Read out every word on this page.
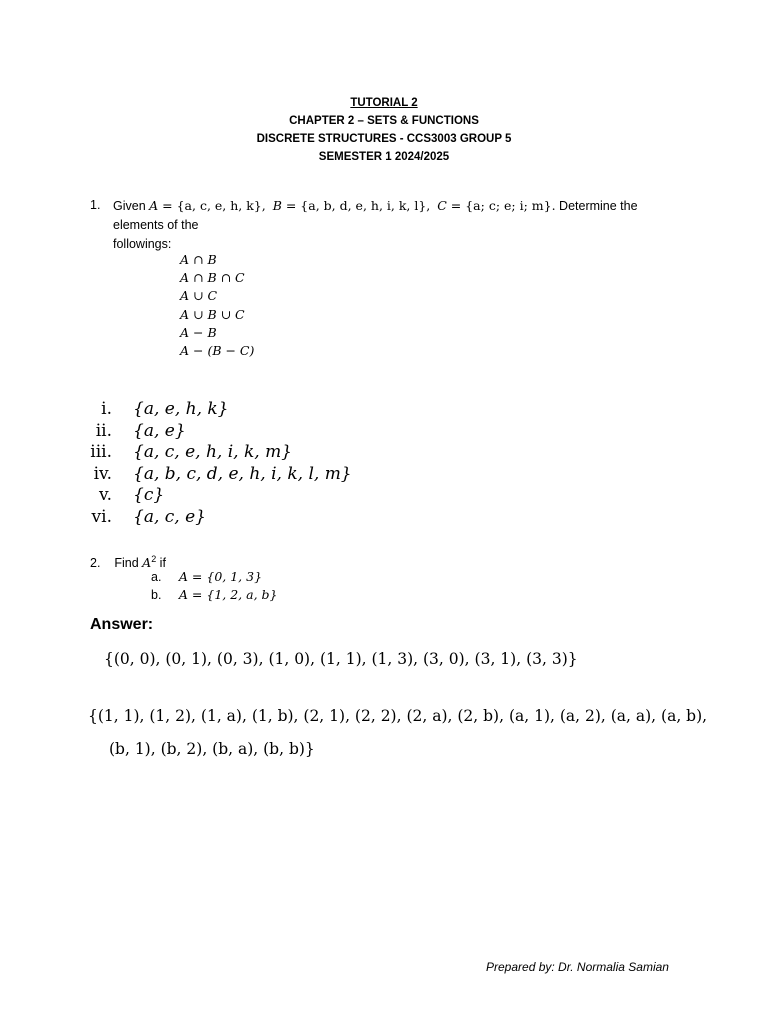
TUTORIAL 2
CHAPTER 2 – SETS & FUNCTIONS
DISCRETE STRUCTURES - CCS3003 GROUP 5
SEMESTER 1 2024/2025
1. Given A = {a, c, e, h, k}, B = {a, b, d, e, h, i, k, l}, C = {a; c; e; i; m}. Determine the elements of the
followings:
A ∩ B
A ∩ B ∩ C
A ∪ C
A ∪ B ∪ C
A − B
A − (B − C)
i. {a, e, h, k}
ii. {a, e}
iii. {a, c, e, h, i, k, m}
iv. {a, b, c, d, e, h, i, k, l, m}
v. {c}
vi. {a, c, e}
2. Find $A^2$ if
a. A = {0, 1, 3}
b. A = {1, 2, a, b}
Answer:
{(0, 0), (0, 1), (0, 3), (1, 0), (1, 1), (1, 3), (3, 0), (3, 1), (3, 3)}
{(1, 1), (1, 2), (1, a), (1, b), (2, 1), (2, 2), (2, a), (2, b), (a, 1), (a, 2), (a, a), (a, b),
(b, 1), (b, 2), (b, a), (b, b)}
Prepared by: Dr. Normalia Samian
